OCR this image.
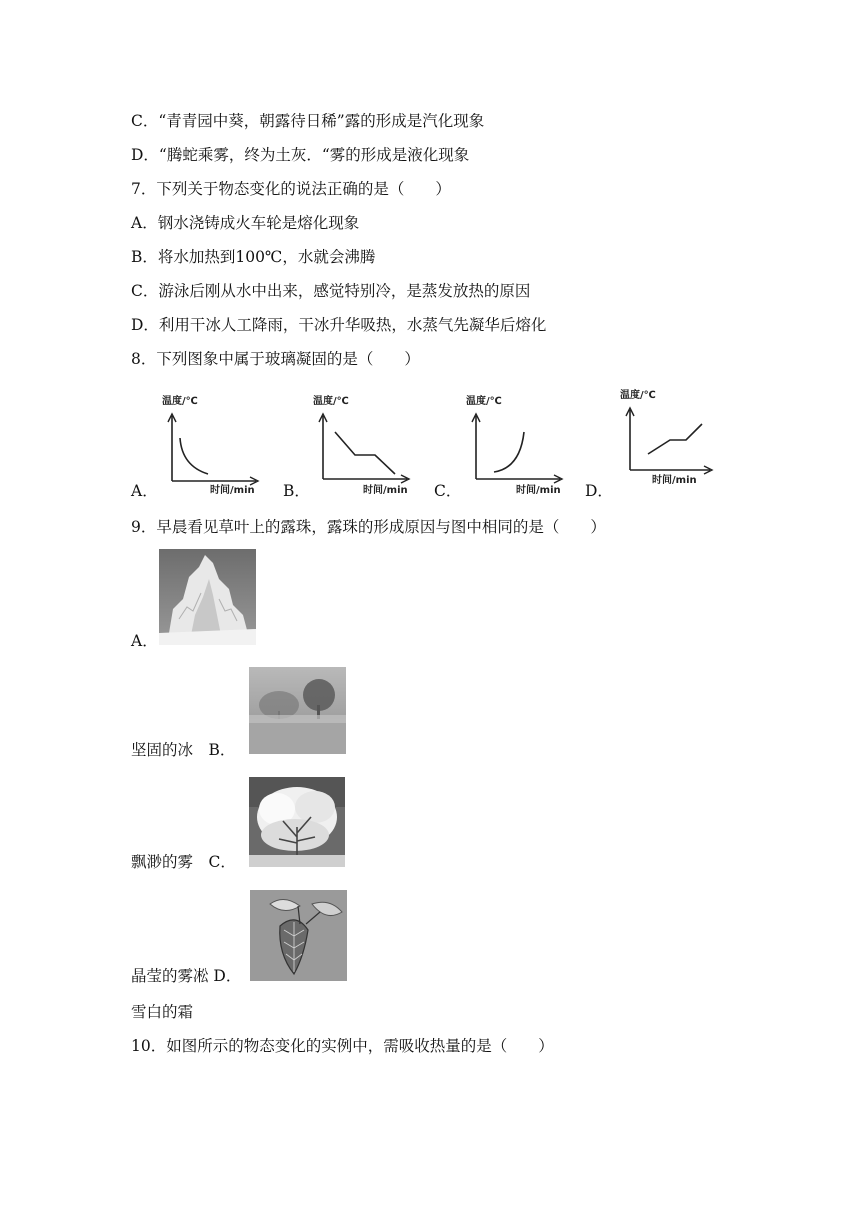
C．“青青园中葵，朝露待日稀”露的形成是汽化现象
D．“腾蛇乘雾，终为土灰．“雾的形成是液化现象
7．下列关于物态变化的说法正确的是（　　）
A．钢水浇铸成火车轮是熔化现象
B．将水加热到100℃，水就会沸腾
C．游泳后刚从水中出来，感觉特别冷，是蒸发放热的原因
D．利用干冰人工降雨，干冰升华吸热，水蒸气先凝华后熔化
8．下列图象中属于玻璃凝固的是（　　）
温度/℃
时间/min
A．
温度/℃
时间/min
B．
温度/℃
时间/min
C．
温度/℃
时间/min
D．
9．早晨看见草叶上的露珠，露珠的形成原因与图中相同的是（　　）
A．
坚固的冰　B．
飘渺的雾　C．
晶莹的雾凇 D．
雪白的霜
10．如图所示的物态变化的实例中，需吸收热量的是（　　）
